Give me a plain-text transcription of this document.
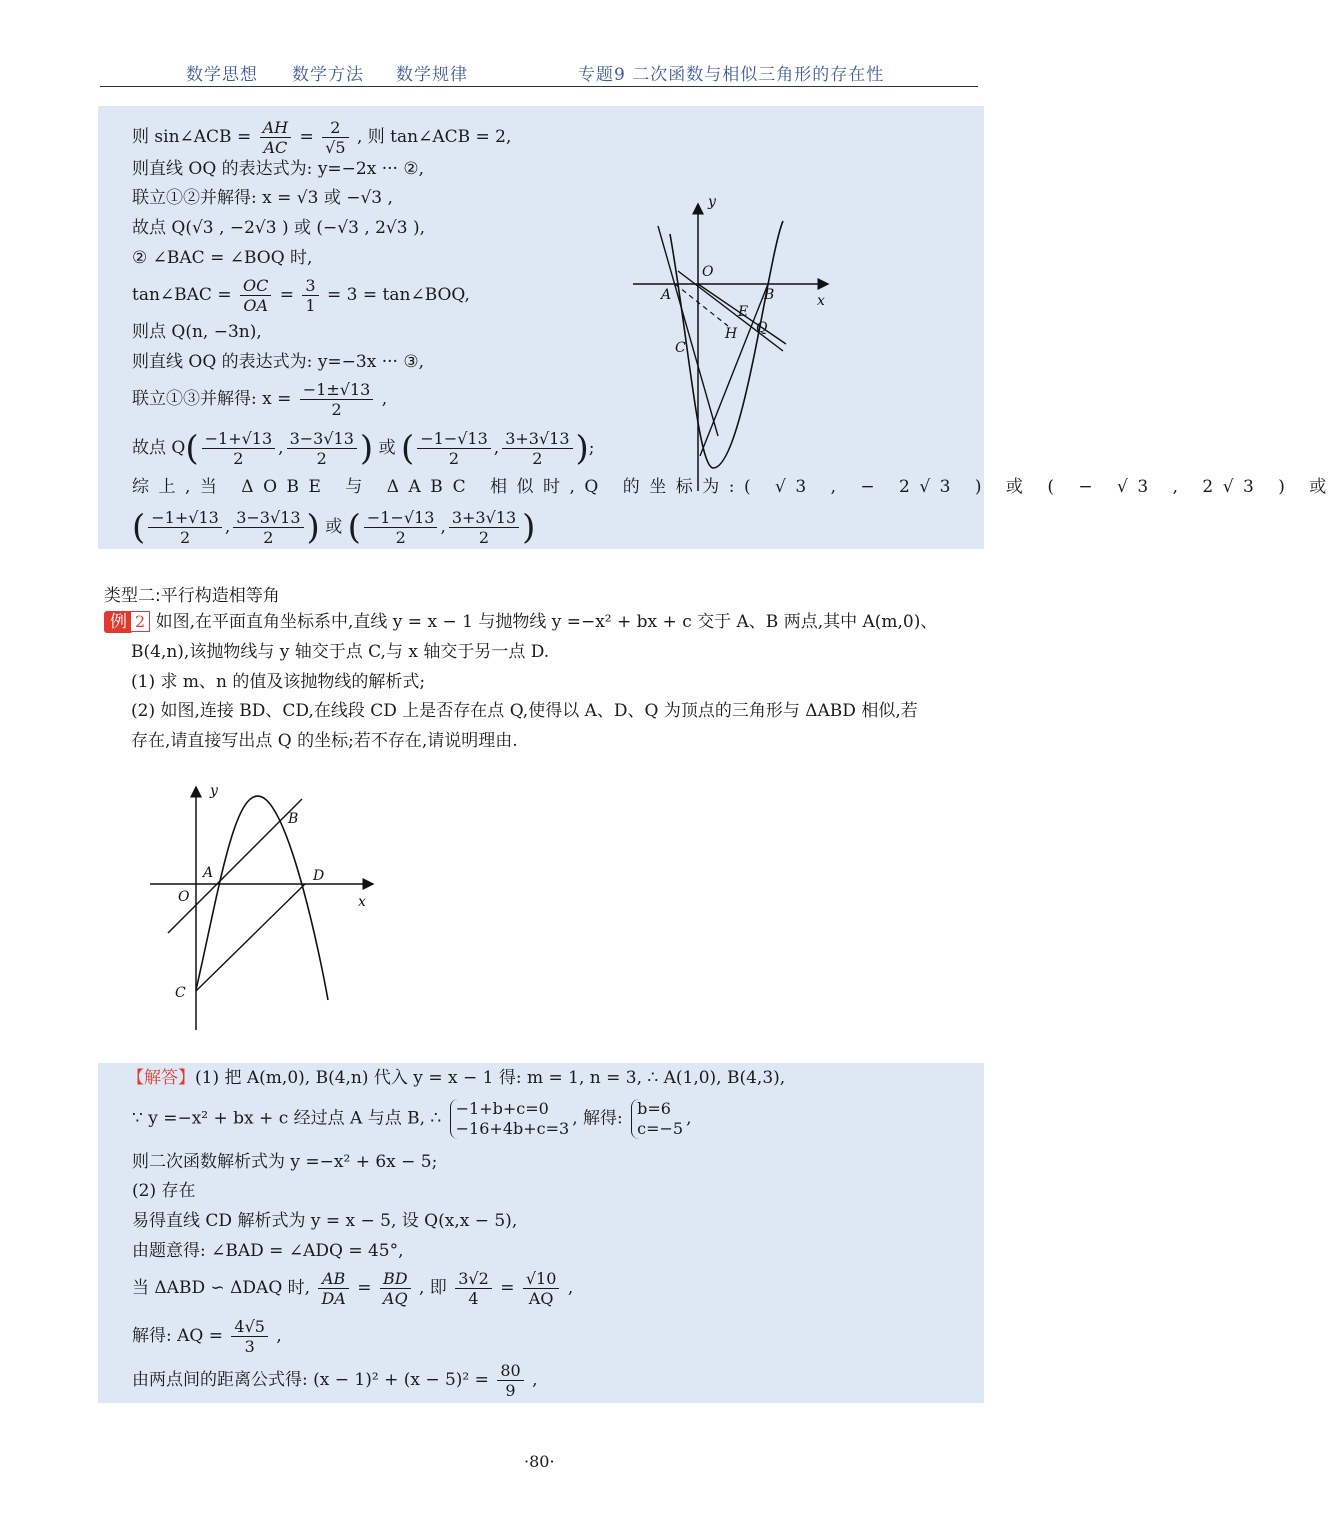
数学思想 数学方法 数学规律	专题9 二次函数与相似三角形的存在性
则 sin∠ACB = $\frac{AH}{AC} = \frac{2}{√5}$ , 则 tan∠ACB = 2,
则直线 OQ 的表达式为: y=−2x ··· ②,
联立①②并解得: x = √3 或 −√3 ,
故点 Q(√3 , −2√3 ) 或 (−√3 , 2√3 ),
② ∠BAC = ∠BOQ 时,
tan∠BAC = $\frac{OC}{OA} = \frac{3}{1} = 3$ = tan∠BOQ,
则点 Q(n, −3n),
则直线 OQ 的表达式为: y=−3x ··· ③,
联立①③并解得: $x = \frac{-1\pm√13}{2}$ ,
故点 $Q( \frac{-1+√13}{2}$ , $\frac{3-3√13}{2}$ ) 或 ( $\frac{-1-√13}{2}$ , $\frac{3+3√13}{2}$ );
综上,当 ΔOBE 与 ΔABC 相似时,Q 的坐标为:( √3 , − 2√3 ) 或 ( − √3 , 2√3 ) 或
( $\frac{-1+√13}{2}$ , $\frac{3-3√13}{2}$ ) 或 ( $\frac{-1-√13}{2}$ , $\frac{3+3√13}{2}$ )
y
x
O
A	B
E
H Q
C
类型二:平行构造相等角
例 2 如图,在平面直角坐标系中,直线 y = x − 1 与抛物线 y =−x² + bx + c 交于 A、B 两点,其中 A(m,0)、
B(4,n),该抛物线与 y 轴交于点 C,与 x 轴交于另一点 D.
(1) 求 m、n 的值及该抛物线的解析式;
(2) 如图,连接 BD、CD,在线段 CD 上是否存在点 Q,使得以 A、D、Q 为顶点的三角形与 ΔABD 相似,若
存在,请直接写出点 Q 的坐标;若不存在,请说明理由.
y
x
O
A
B
D
C
【解答】(1) 把 A(m,0), B(4,n) 代入 y = x − 1 得: m = 1, n = 3, ∴ A(1,0), B(4,3),
∵ y =−x² + bx + c 经过点 A 与点 B, ∴ −1+b+c=0
−16+4b+c=3 , 解得: b=6
c=−5 ,
则二次函数解析式为 y =−x² + 6x − 5;
(2) 存在
易得直线 CD 解析式为 y = x − 5, 设 Q(x,x − 5),
由题意得: ∠BAD = ∠ADQ = 45°,
当 ΔABD ∽ ΔDAQ 时, $\frac{AB}{DA} = \frac{BD}{AQ}$ , 即 $\frac{3√2}{4} = \frac{√10}{AQ}$ ,
解得: AQ = $\frac{4√5}{3}$ ,
由两点间的距离公式得: $(x - 1)^2 + (x - 5)^2 = \frac{80}{9}$ ,
·80·
